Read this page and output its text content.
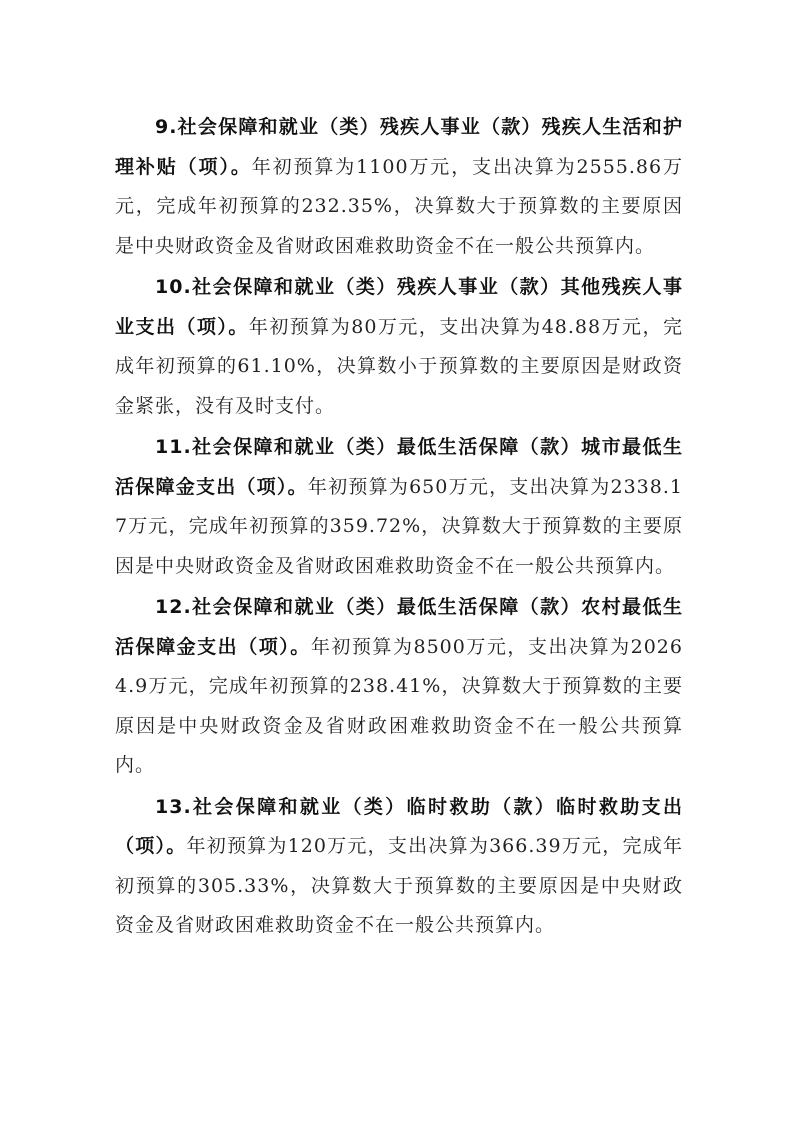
9.社会保障和就业（类）残疾人事业（款）残疾人生活和护理补贴（项）。年初预算为1100万元，支出决算为2555.86万元，完成年初预算的232.35%，决算数大于预算数的主要原因是中央财政资金及省财政困难救助资金不在一般公共预算内。

10.社会保障和就业（类）残疾人事业（款）其他残疾人事业支出（项）。年初预算为80万元，支出决算为48.88万元，完成年初预算的61.10%，决算数小于预算数的主要原因是财政资金紧张，没有及时支付。

11.社会保障和就业（类）最低生活保障（款）城市最低生活保障金支出（项）。年初预算为650万元，支出决算为2338.17万元，完成年初预算的359.72%，决算数大于预算数的主要原因是中央财政资金及省财政困难救助资金不在一般公共预算内。

12.社会保障和就业（类）最低生活保障（款）农村最低生活保障金支出（项）。年初预算为8500万元，支出决算为20264.9万元，完成年初预算的238.41%，决算数大于预算数的主要原因是中央财政资金及省财政困难救助资金不在一般公共预算内。

13.社会保障和就业（类）临时救助（款）临时救助支出（项）。年初预算为120万元，支出决算为366.39万元，完成年初预算的305.33%，决算数大于预算数的主要原因是中央财政资金及省财政困难救助资金不在一般公共预算内。
